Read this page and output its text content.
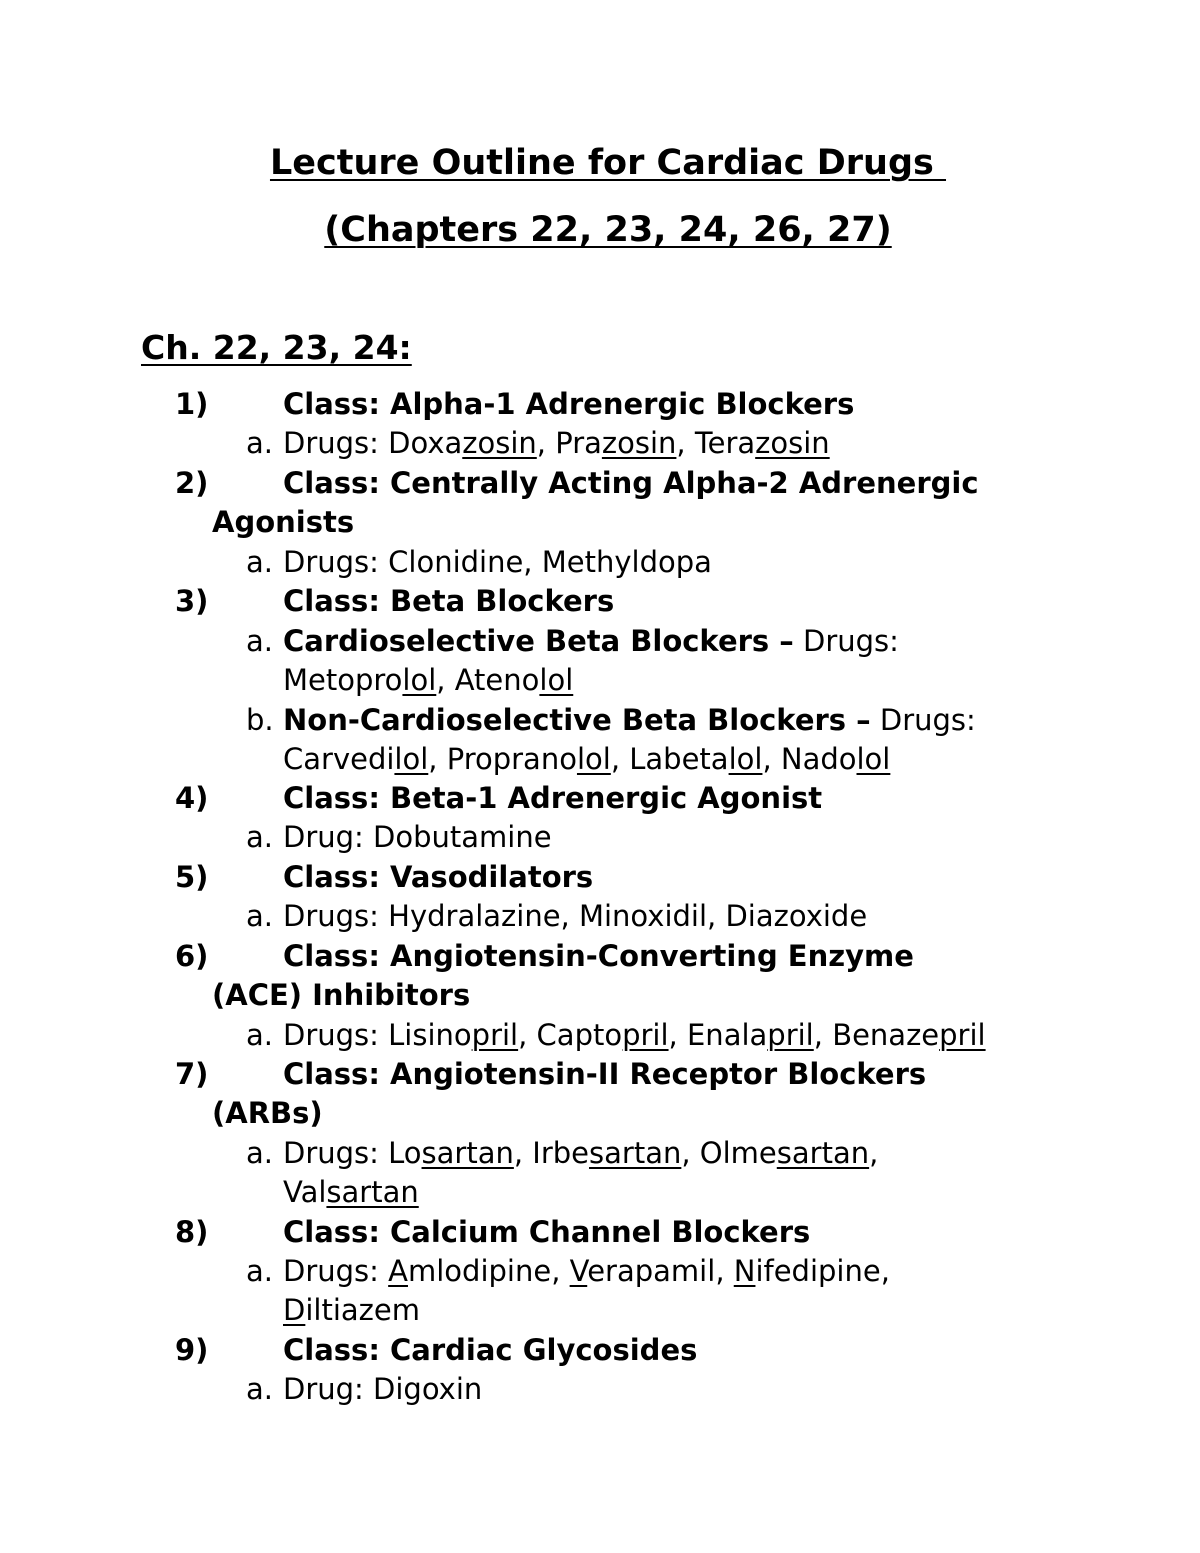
Lecture Outline for Cardiac Drugs
(Chapters 22, 23, 24, 26, 27)
Ch. 22, 23, 24:
1)	Class: Alpha-1 Adrenergic Blockers
a. Drugs: Doxazosin, Prazosin, Terazosin
2)	Class: Centrally Acting Alpha-2 Adrenergic
Agonists
a. Drugs: Clonidine, Methyldopa
3)	Class: Beta Blockers
a. Cardioselective Beta Blockers – Drugs:
Metoprolol, Atenolol
b. Non-Cardioselective Beta Blockers – Drugs:
Carvedilol, Propranolol, Labetalol, Nadolol
4)	Class: Beta-1 Adrenergic Agonist
a. Drug: Dobutamine
5)	Class: Vasodilators
a. Drugs: Hydralazine, Minoxidil, Diazoxide
6)	Class: Angiotensin-Converting Enzyme
(ACE) Inhibitors
a. Drugs: Lisinopril, Captopril, Enalapril, Benazepril
7)	Class: Angiotensin-II Receptor Blockers
(ARBs)
a. Drugs: Losartan, Irbesartan, Olmesartan,
Valsartan
8)	Class: Calcium Channel Blockers
a. Drugs: Amlodipine, Verapamil, Nifedipine,
Diltiazem
9)	Class: Cardiac Glycosides
a. Drug: Digoxin
